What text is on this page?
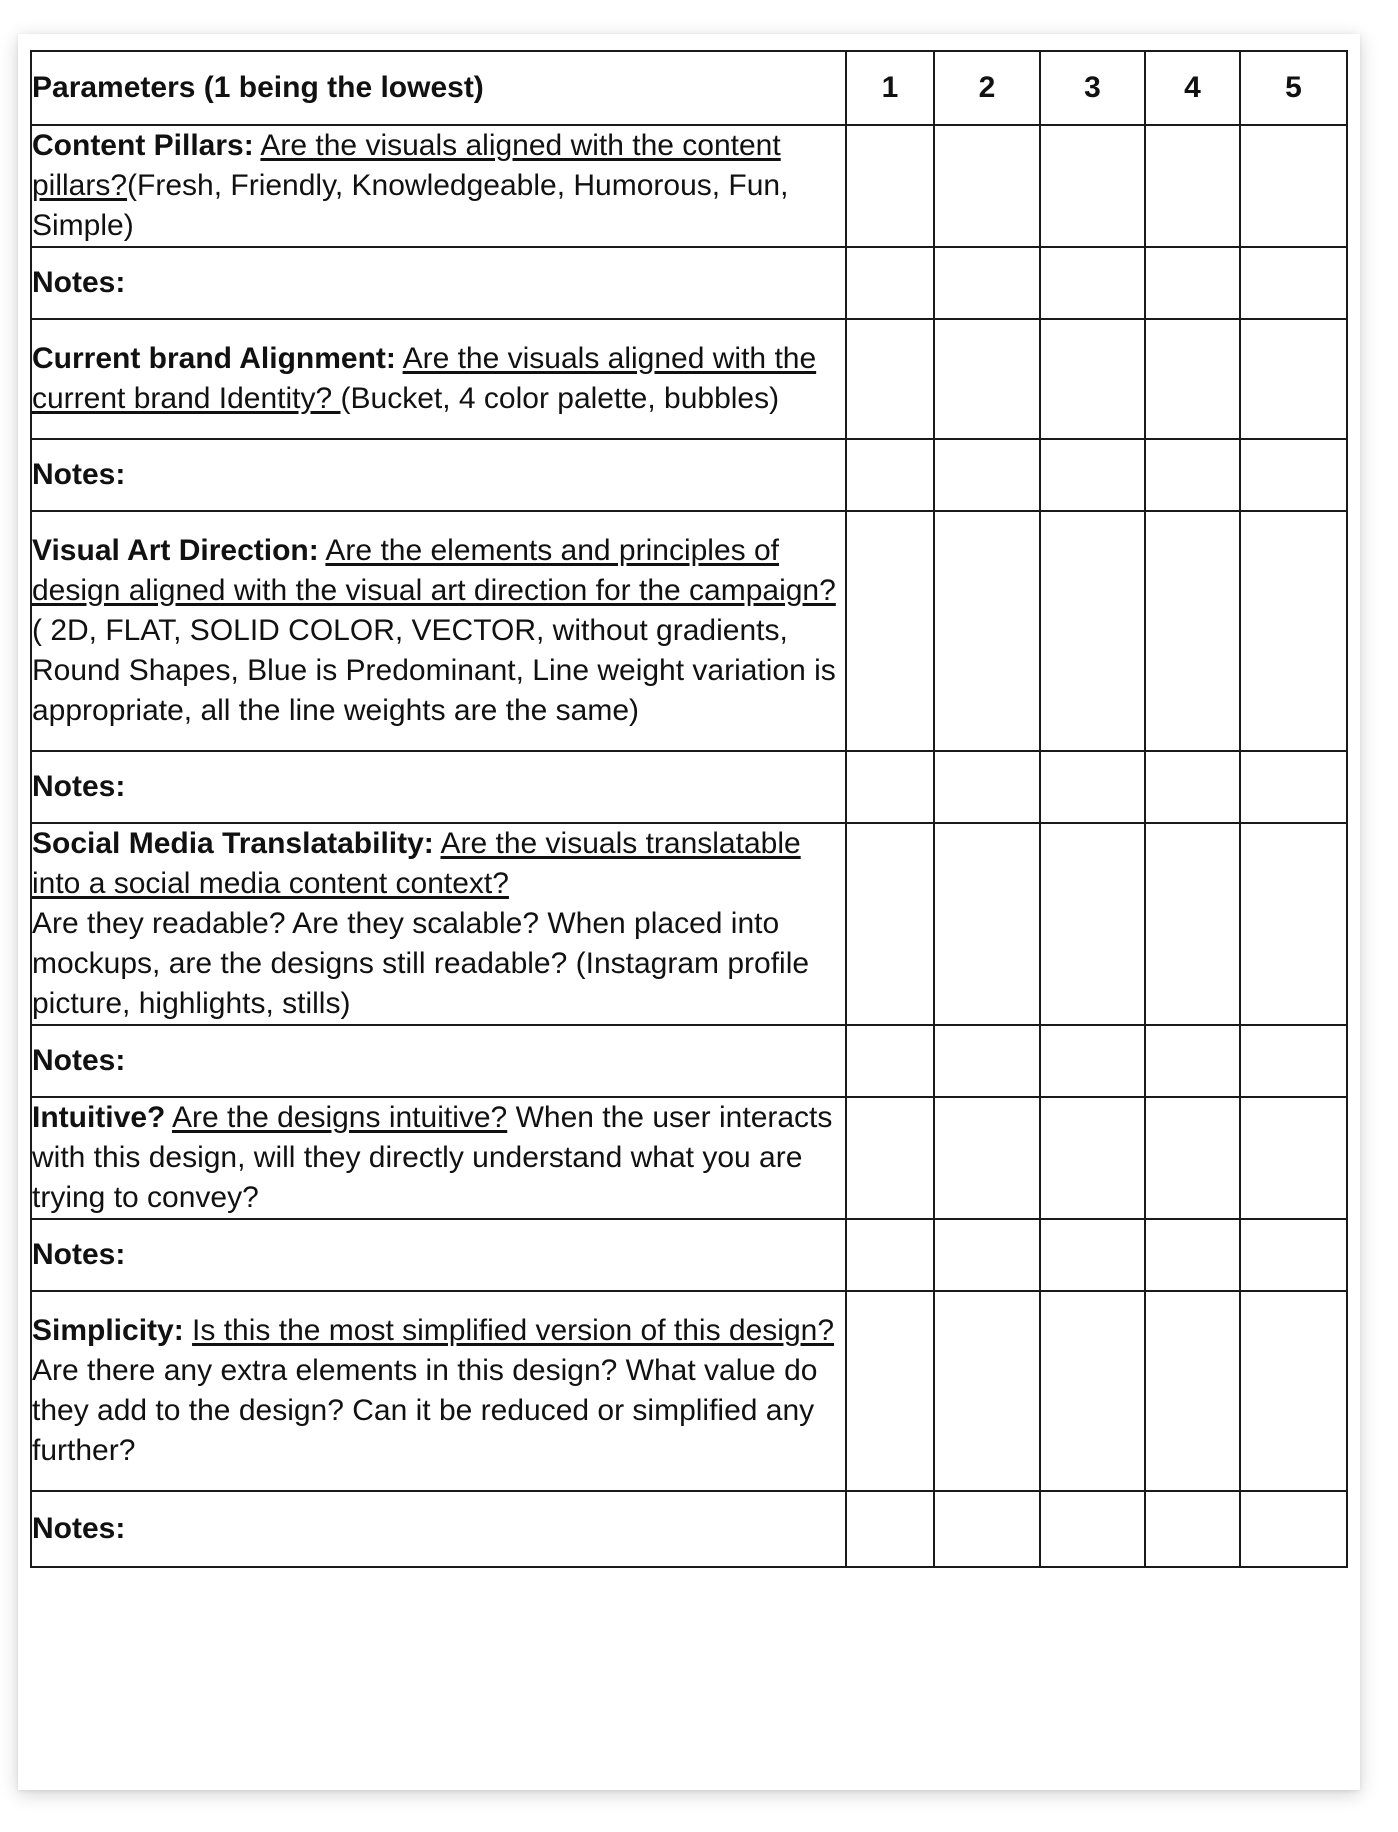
Parameters (1 being the lowest)	1	2	3	4	5
Content Pillars: Are the visuals aligned with the content pillars?(Fresh, Friendly, Knowledgeable, Humorous, Fun, Simple)					
Notes:					
Current brand Alignment: Are the visuals aligned with the current brand Identity? (Bucket, 4 color palette, bubbles)					
Notes:					
Visual Art Direction: Are the elements and principles of design aligned with the visual art direction for the campaign? ( 2D, FLAT, SOLID COLOR, VECTOR, without gradients, Round Shapes, Blue is Predominant, Line weight variation is appropriate, all the line weights are the same)					
Notes:					
Social Media Translatability: Are the visuals translatable into a social media content context?
Are they readable? Are they scalable? When placed into mockups, are the designs still readable? (Instagram profile picture, highlights, stills)					
Notes:					
Intuitive? Are the designs intuitive? When the user interacts with this design, will they directly understand what you are trying to convey?					
Notes:					
Simplicity: Is this the most simplified version of this design?
Are there any extra elements in this design? What value do they add to the design? Can it be reduced or simplified any further?					
Notes:					
